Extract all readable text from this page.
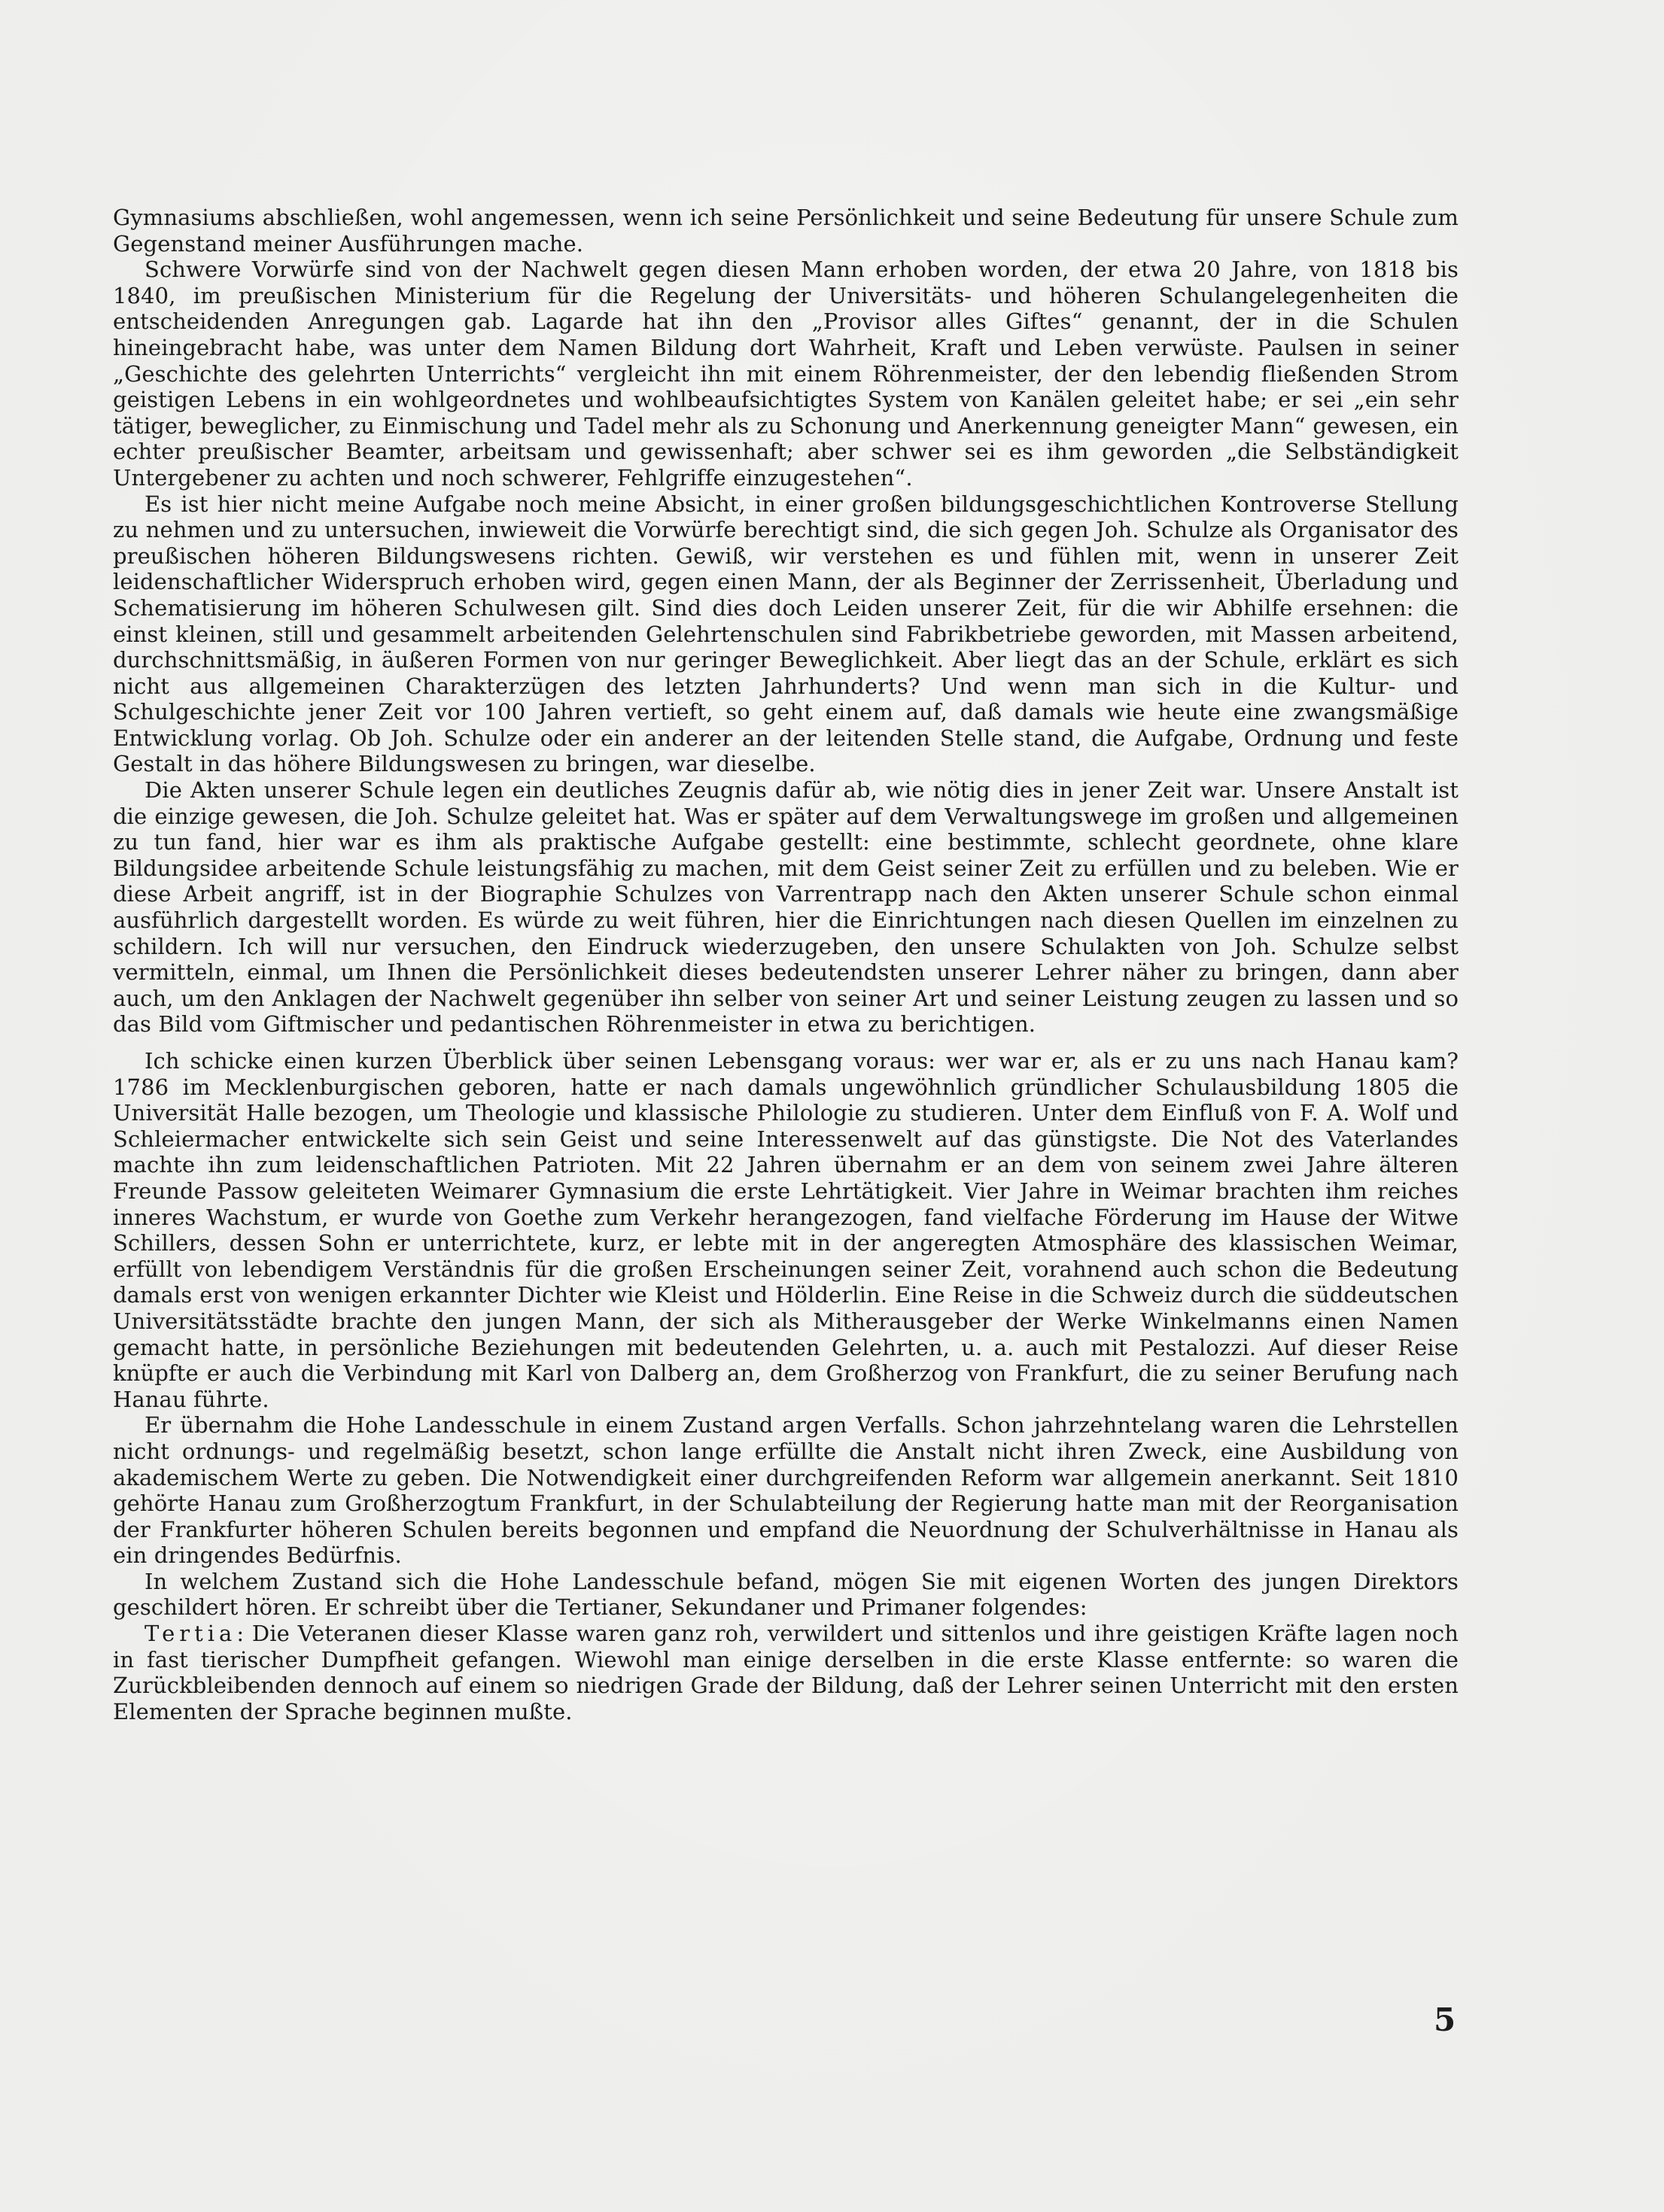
Gymnasiums abschließen, wohl angemessen, wenn ich seine Persönlichkeit und seine Bedeutung für unsere Schule zum Gegenstand meiner Ausführungen mache.

Schwere Vorwürfe sind von der Nachwelt gegen diesen Mann erhoben worden, der etwa 20 Jahre, von 1818 bis 1840, im preußischen Ministerium für die Regelung der Universitäts- und höheren Schulangelegenheiten die entscheidenden Anregungen gab. Lagarde hat ihn den „Provisor alles Giftes“ genannt, der in die Schulen hineingebracht habe, was unter dem Namen Bildung dort Wahrheit, Kraft und Leben verwüste. Paulsen in seiner „Geschichte des gelehrten Unterrichts“ vergleicht ihn mit einem Röhrenmeister, der den lebendig fließenden Strom geistigen Lebens in ein wohlgeordnetes und wohlbeaufsichtigtes System von Kanälen geleitet habe; er sei „ein sehr tätiger, beweglicher, zu Einmischung und Tadel mehr als zu Schonung und Anerkennung geneigter Mann“ gewesen, ein echter preußischer Beamter, arbeitsam und gewissenhaft; aber schwer sei es ihm geworden „die Selbständigkeit Untergebener zu achten und noch schwerer, Fehlgriffe einzugestehen“.

Es ist hier nicht meine Aufgabe noch meine Absicht, in einer großen bildungsgeschichtlichen Kontroverse Stellung zu nehmen und zu untersuchen, inwieweit die Vorwürfe berechtigt sind, die sich gegen Joh. Schulze als Organisator des preußischen höheren Bildungswesens richten. Gewiß, wir verstehen es und fühlen mit, wenn in unserer Zeit leidenschaftlicher Widerspruch erhoben wird, gegen einen Mann, der als Beginner der Zerrissenheit, Überladung und Schematisierung im höheren Schulwesen gilt. Sind dies doch Leiden unserer Zeit, für die wir Abhilfe ersehnen: die einst kleinen, still und gesammelt arbeitenden Gelehrtenschulen sind Fabrikbetriebe geworden, mit Massen arbeitend, durchschnittsmäßig, in äußeren Formen von nur geringer Beweglichkeit. Aber liegt das an der Schule, erklärt es sich nicht aus allgemeinen Charakterzügen des letzten Jahrhunderts? Und wenn man sich in die Kultur- und Schulgeschichte jener Zeit vor 100 Jahren vertieft, so geht einem auf, daß damals wie heute eine zwangsmäßige Entwicklung vorlag. Ob Joh. Schulze oder ein anderer an der leitenden Stelle stand, die Aufgabe, Ordnung und feste Gestalt in das höhere Bildungswesen zu bringen, war dieselbe.

Die Akten unserer Schule legen ein deutliches Zeugnis dafür ab, wie nötig dies in jener Zeit war. Unsere Anstalt ist die einzige gewesen, die Joh. Schulze geleitet hat. Was er später auf dem Verwaltungswege im großen und allgemeinen zu tun fand, hier war es ihm als praktische Aufgabe gestellt: eine bestimmte, schlecht geordnete, ohne klare Bildungsidee arbeitende Schule leistungsfähig zu machen, mit dem Geist seiner Zeit zu erfüllen und zu beleben. Wie er diese Arbeit angriff, ist in der Biographie Schulzes von Varrentrapp nach den Akten unserer Schule schon einmal ausführlich dargestellt worden. Es würde zu weit führen, hier die Einrichtungen nach diesen Quellen im einzelnen zu schildern. Ich will nur versuchen, den Eindruck wiederzugeben, den unsere Schulakten von Joh. Schulze selbst vermitteln, einmal, um Ihnen die Persönlichkeit dieses bedeutendsten unserer Lehrer näher zu bringen, dann aber auch, um den Anklagen der Nachwelt gegenüber ihn selber von seiner Art und seiner Leistung zeugen zu lassen und so das Bild vom Giftmischer und pedantischen Röhrenmeister in etwa zu berichtigen.

Ich schicke einen kurzen Überblick über seinen Lebensgang voraus: wer war er, als er zu uns nach Hanau kam? 1786 im Mecklenburgischen geboren, hatte er nach damals ungewöhnlich gründlicher Schulausbildung 1805 die Universität Halle bezogen, um Theologie und klassische Philologie zu studieren. Unter dem Einfluß von F. A. Wolf und Schleiermacher entwickelte sich sein Geist und seine Interessenwelt auf das günstigste. Die Not des Vaterlandes machte ihn zum leidenschaftlichen Patrioten. Mit 22 Jahren übernahm er an dem von seinem zwei Jahre älteren Freunde Passow geleiteten Weimarer Gymnasium die erste Lehrtätigkeit. Vier Jahre in Weimar brachten ihm reiches inneres Wachstum, er wurde von Goethe zum Verkehr herangezogen, fand vielfache Förderung im Hause der Witwe Schillers, dessen Sohn er unterrichtete, kurz, er lebte mit in der angeregten Atmosphäre des klassischen Weimar, erfüllt von lebendigem Verständnis für die großen Erscheinungen seiner Zeit, vorahnend auch schon die Bedeutung damals erst von wenigen erkannter Dichter wie Kleist und Hölderlin. Eine Reise in die Schweiz durch die süddeutschen Universitätsstädte brachte den jungen Mann, der sich als Mitherausgeber der Werke Winkelmanns einen Namen gemacht hatte, in persönliche Beziehungen mit bedeutenden Gelehrten, u. a. auch mit Pestalozzi. Auf dieser Reise knüpfte er auch die Verbindung mit Karl von Dalberg an, dem Großherzog von Frankfurt, die zu seiner Berufung nach Hanau führte.

Er übernahm die Hohe Landesschule in einem Zustand argen Verfalls. Schon jahrzehntelang waren die Lehrstellen nicht ordnungs- und regelmäßig besetzt, schon lange erfüllte die Anstalt nicht ihren Zweck, eine Ausbildung von akademischem Werte zu geben. Die Notwendigkeit einer durchgreifenden Reform war allgemein anerkannt. Seit 1810 gehörte Hanau zum Großherzogtum Frankfurt, in der Schulabteilung der Regierung hatte man mit der Reorganisation der Frankfurter höheren Schulen bereits begonnen und empfand die Neuordnung der Schulverhältnisse in Hanau als ein dringendes Bedürfnis.

In welchem Zustand sich die Hohe Landesschule befand, mögen Sie mit eigenen Worten des jungen Direktors geschildert hören. Er schreibt über die Tertianer, Sekundaner und Primaner folgendes:

Tertia: Die Veteranen dieser Klasse waren ganz roh, verwildert und sittenlos und ihre geistigen Kräfte lagen noch in fast tierischer Dumpfheit gefangen. Wiewohl man einige derselben in die erste Klasse entfernte: so waren die Zurückbleibenden dennoch auf einem so niedrigen Grade der Bildung, daß der Lehrer seinen Unterricht mit den ersten Elementen der Sprache beginnen mußte.

5
